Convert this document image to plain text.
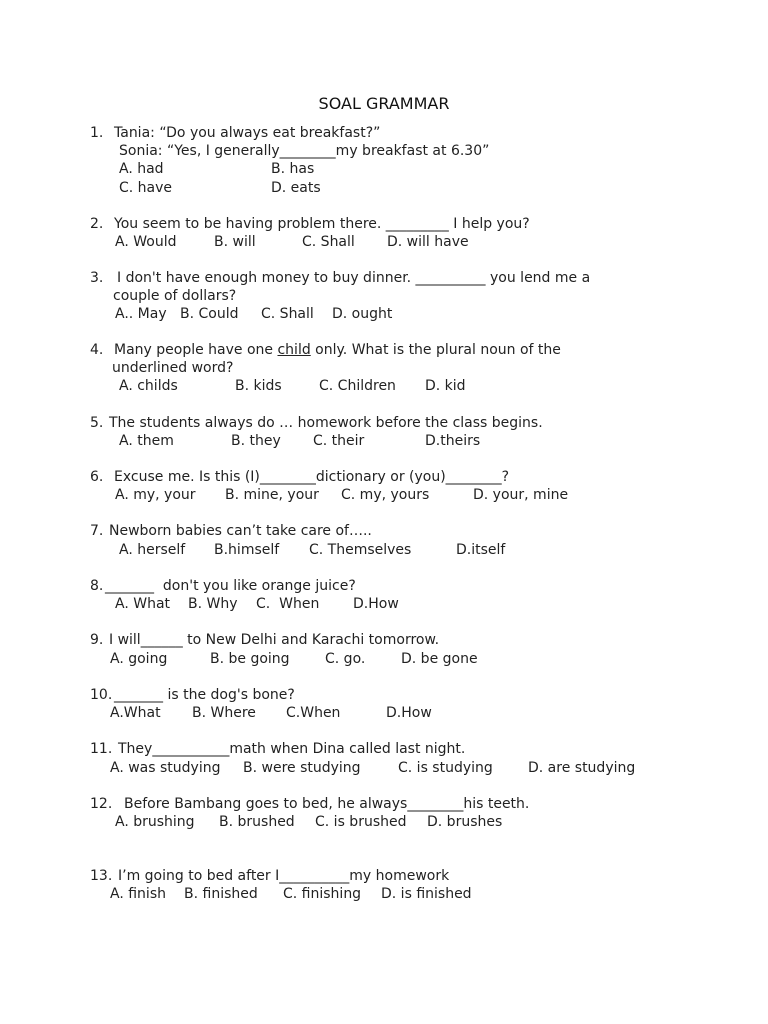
SOAL GRAMMAR
1. Tania: “Do you always eat breakfast?”
Sonia: “Yes, I generally________my breakfast at 6.30”
A. had	B. has
C. have	D. eats
2. You seem to be having problem there. _________ I help you?
A. Would	B. will	C. Shall D. will have
3. I don't have enough money to buy dinner. __________ you lend me a
couple of dollars?
A.. May B. Could C. Shall D. ought
4. Many people have one child only. What is the plural noun of the
underlined word?
A. childs	B. kids	C. Children D. kid
5. The students always do … homework before the class begins.
A. them	B. they C. their	D.theirs
6. Excuse me. Is this (I)________dictionary or (you)________?
A. my, your B. mine, your C. my, yours	D. your, mine
7. Newborn babies can’t take care of…..
A. herself B.himself C. Themselves	D.itself
8. _______  don't you like orange juice?
A. What B. Why C.  When D.How
9. I will______ to New Delhi and Karachi tomorrow.
A. going	B. be going	C. go.	D. be gone
10. _______ is the dog's bone?
A.What B. Where C.When	D.How
11. They___________math when Dina called last night.
A. was studying B. were studying	C. is studying	D. are studying
12. Before Bambang goes to bed, he always________his teeth.
A. brushing B. brushed C. is brushed D. brushes
13. I’m going to bed after I__________my homework
A. finish B. finished C. finishing D. is finished
